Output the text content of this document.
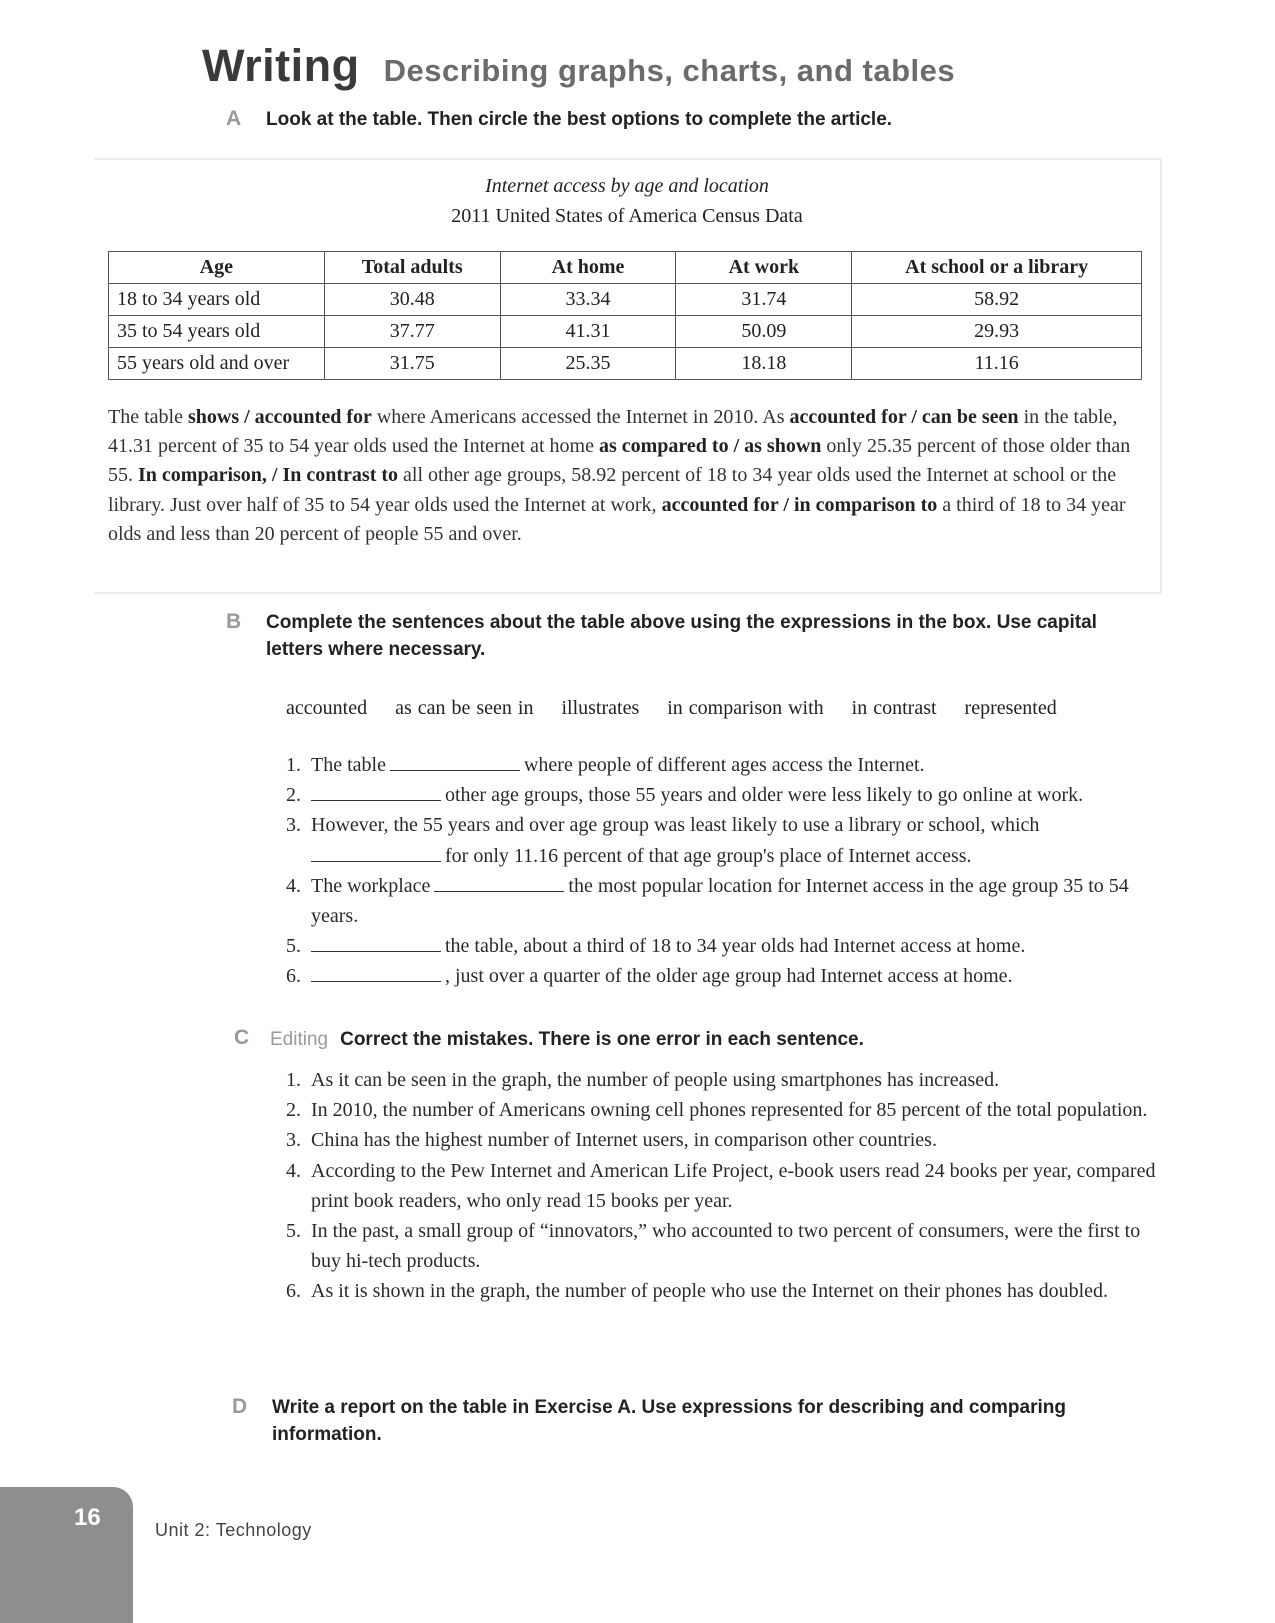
Writing Describing graphs, charts, and tables
A Look at the table. Then circle the best options to complete the article.
Internet access by age and location
2011 United States of America Census Data
Age	Total adults	At home	At work	At school or a library
18 to 34 years old	30.48	33.34	31.74	58.92
35 to 54 years old	37.77	41.31	50.09	29.93
55 years old and over	31.75	25.35	18.18	11.16
The table shows / accounted for where Americans accessed the Internet in 2010. As accounted for / can be seen in the table, 41.31 percent of 35 to 54 year olds used the Internet at home as compared to / as shown only 25.35 percent of those older than 55. In comparison, / In contrast to all other age groups, 58.92 percent of 18 to 34 year olds used the Internet at school or the library. Just over half of 35 to 54 year olds used the Internet at work, accounted for / in comparison to a third of 18 to 34 year olds and less than 20 percent of people 55 and over.
B Complete the sentences about the table above using the expressions in the box. Use capital letters where necessary.
accounted as can be seen in illustrates in comparison with in contrast represented
1. The table	where people of different ages access the Internet.
2.	other age groups, those 55 years and older were less likely to go online at work.
3. However, the 55 years and over age group was least likely to use a library or school, which for only 11.16 percent of that age group's place of Internet access.
4. The workplace	the most popular location for Internet access in the age group 35 to 54 years.
5.	the table, about a third of 18 to 34 year olds had Internet access at home.
6.	, just over a quarter of the older age group had Internet access at home.
C Editing Correct the mistakes. There is one error in each sentence.
1. As it can be seen in the graph, the number of people using smartphones has increased.
2. In 2010, the number of Americans owning cell phones represented for 85 percent of the total population.
3. China has the highest number of Internet users, in comparison other countries.
4. According to the Pew Internet and American Life Project, e-book users read 24 books per year, compared print book readers, who only read 15 books per year.
5. In the past, a small group of “innovators,” who accounted to two percent of consumers, were the first to buy hi-tech products.
6. As it is shown in the graph, the number of people who use the Internet on their phones has doubled.
D Write a report on the table in Exercise A. Use expressions for describing and comparing information.
16	Unit 2: Technology
